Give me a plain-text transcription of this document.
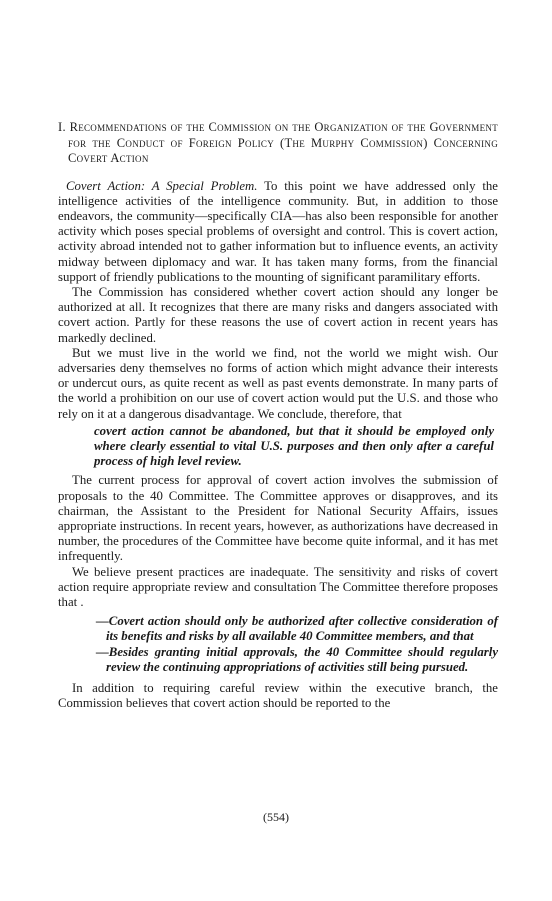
I. Recommendations of the Commission on the Organization of the Government for the Conduct of Foreign Policy (The Murphy Commission) Concerning Covert Action

Covert Action: A Special Problem. To this point we have addressed only the intelligence activities of the intelligence community. But, in addition to those endeavors, the community—specifically CIA—has also been responsible for another activity which poses special problems of oversight and control. This is covert action, activity abroad intended not to gather information but to influence events, an activity midway between diplomacy and war. It has taken many forms, from the financial support of friendly publications to the mounting of significant paramilitary efforts.

The Commission has considered whether covert action should any longer be authorized at all. It recognizes that there are many risks and dangers associated with covert action. Partly for these reasons the use of covert action in recent years has markedly declined.

But we must live in the world we find, not the world we might wish. Our adversaries deny themselves no forms of action which might advance their interests or undercut ours, as quite recent as well as past events demonstrate. In many parts of the world a prohibition on our use of covert action would put the U.S. and those who rely on it at a dangerous disadvantage. We conclude, therefore, that

covert action cannot be abandoned, but that it should be employed only where clearly essential to vital U.S. purposes and then only after a careful process of high level review.

The current process for approval of covert action involves the submission of proposals to the 40 Committee. The Committee approves or disapproves, and its chairman, the Assistant to the President for National Security Affairs, issues appropriate instructions. In recent years, however, as authorizations have decreased in number, the procedures of the Committee have become quite informal, and it has met infrequently.

We believe present practices are inadequate. The sensitivity and risks of covert action require appropriate review and consultation The Committee therefore proposes that .

—Covert action should only be authorized after collective consideration of its benefits and risks by all available 40 Committee members, and that
—Besides granting initial approvals, the 40 Committee should regularly review the continuing appropriations of activities still being pursued.

In addition to requiring careful review within the executive branch, the Commission believes that covert action should be reported to the

(554)
